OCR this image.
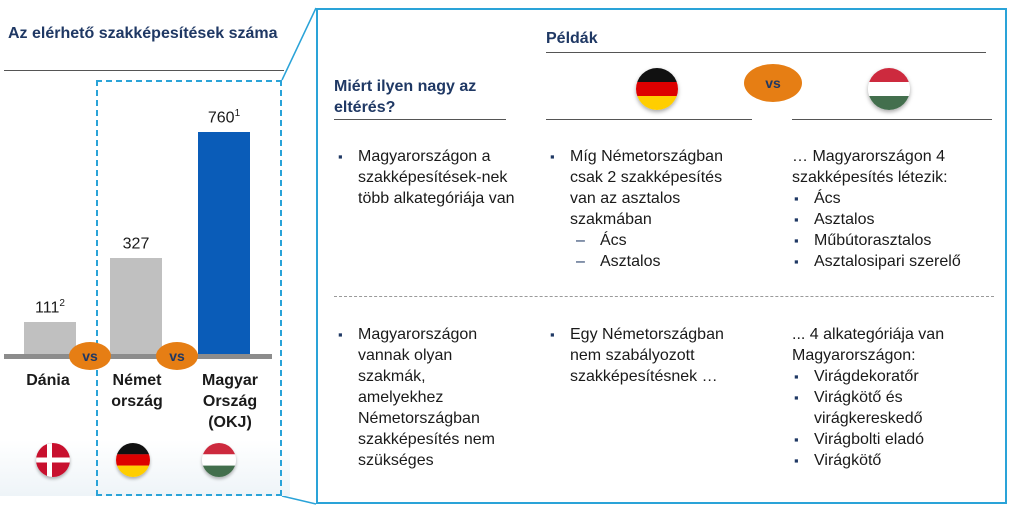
Az elérhető szakképesítések száma
$111^2$
327
$760^1$
vs	vs
Dánia	Német
ország
Magyar
Ország
(OKJ)
Példák
vs
Miért ilyen nagy az eltérés?
▪ Magyarországon a szakképesítések-nek több alkategóriája van
▪ Míg Németországban csak 2 szakképesítés van az asztalos szakmában
– Ács
– Asztalos
… Magyarországon 4 szakképesítés létezik:
▪ Ács
▪ Asztalos
▪ Műbútorasztalos
▪ Asztalosipari szerelő
▪ Magyarországon vannak olyan szakmák, amelyekhez Németországban szakképesítés nem szükséges
▪ Egy Németországban nem szabályozott szakképesítésnek …
... 4 alkategóriája van Magyarországon:
▪ Virágdekoratőr
▪ Virágkötő és virágkereskedő
▪ Virágbolti eladó
▪ Virágkötő
